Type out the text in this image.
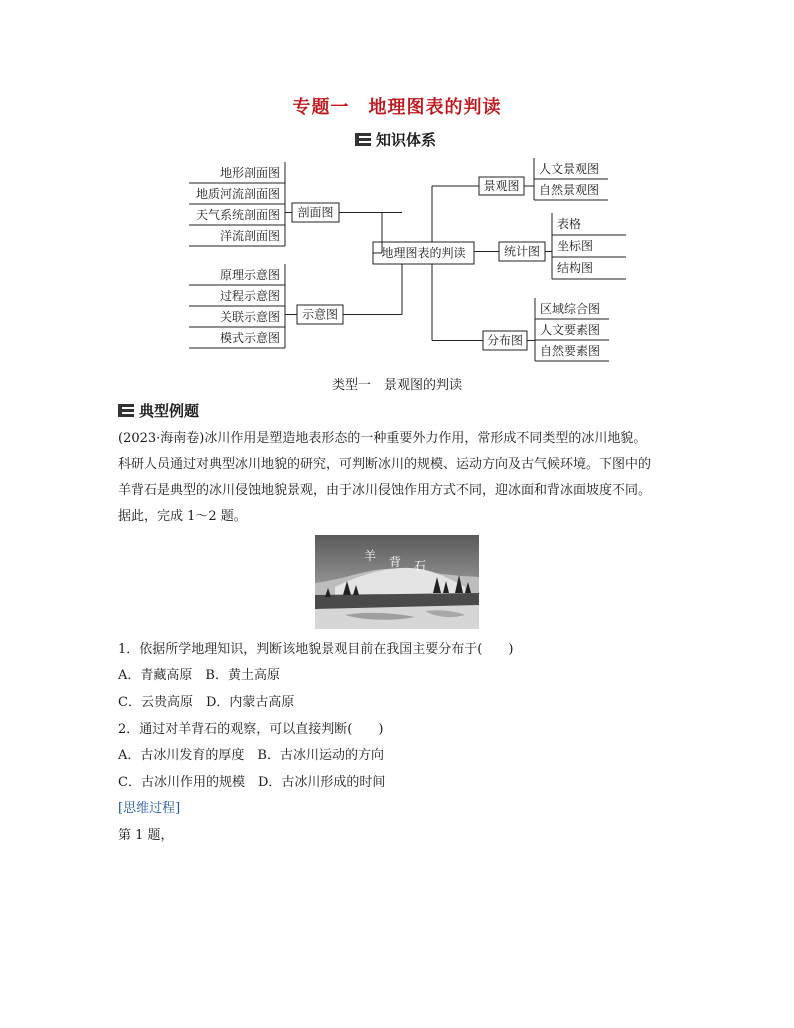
专题一　地理图表的判读
知识体系
地理图表的判读
地形剖面图
地质河流剖面图
天气系统剖面图
洋流剖面图
剖面图
原理示意图
过程示意图
关联示意图
模式示意图
示意图
人文景观图
自然景观图
景观图
表格
坐标图
结构图
统计图
区域综合图
人文要素图
自然要素图
分布图
类型一　景观图的判读
典型例题

(2023·海南卷)冰川作用是塑造地表形态的一种重要外力作用，常形成不同类型的冰川地貌。

科研人员通过对典型冰川地貌的研究，可判断冰川的规模、运动方向及古气候环境。下图中的

羊背石是典型的冰川侵蚀地貌景观，由于冰川侵蚀作用方式不同，迎冰面和背冰面坡度不同。

据此，完成 1～2 题。

羊 背 石
1．依据所学地理知识，判断该地貌景观目前在我国主要分布于(　　)
A．青藏高原　B．黄土高原
C．云贵高原　D．内蒙古高原
2．通过对羊背石的观察，可以直接判断(　　)
A．古冰川发育的厚度　B．古冰川运动的方向
C．古冰川作用的规模　D．古冰川形成的时间
[思维过程]
第 1 题，
